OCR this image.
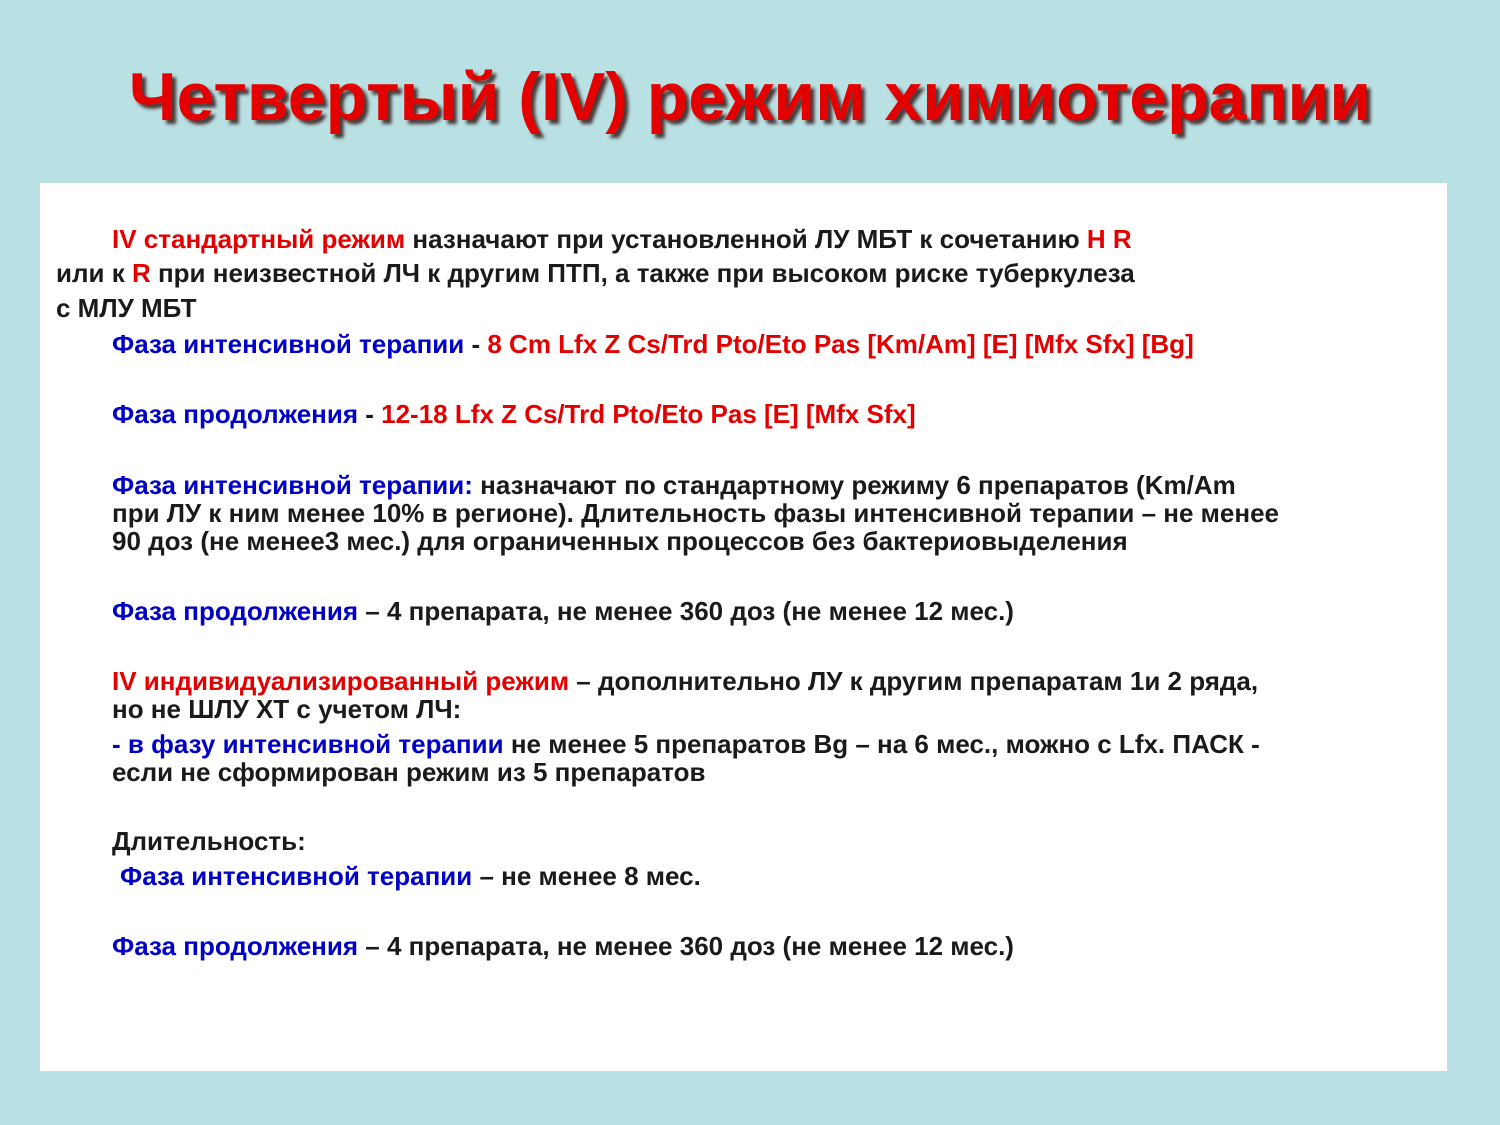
Четвертый (IV) режим химиотерапии
IV стандартный режим назначают при установленной ЛУ МБТ к сочетанию H R
или к R при неизвестной ЛЧ к другим ПТП, а также при высоком риске туберкулеза
с МЛУ МБТ
Фаза интенсивной терапии - 8 Cm Lfx Z Cs/Trd Pto/Eto Pas [Km/Am] [E] [Mfx Sfx] [Bg]
Фаза продолжения - 12-18 Lfx Z Cs/Trd Pto/Eto Pas [E] [Mfx Sfx]
Фаза интенсивной терапии: назначают по стандартному режиму 6 препаратов (Km/Am
при ЛУ к ним менее 10% в регионе). Длительность фазы интенсивной терапии – не менее
90 доз (не менее3 мес.) для ограниченных процессов без бактериовыделения
Фаза продолжения – 4 препарата, не менее 360 доз (не менее 12 мес.)
IV индивидуализированный режим – дополнительно ЛУ к другим препаратам 1и 2 ряда,
но не ШЛУ ХТ с учетом ЛЧ:
- в фазу интенсивной терапии не менее 5 препаратов Bg – на 6 мес., можно с Lfx. ПАСК -
если не сформирован режим из 5 препаратов
Длительность:
Фаза интенсивной терапии – не менее 8 мес.
Фаза продолжения – 4 препарата, не менее 360 доз (не менее 12 мес.)
